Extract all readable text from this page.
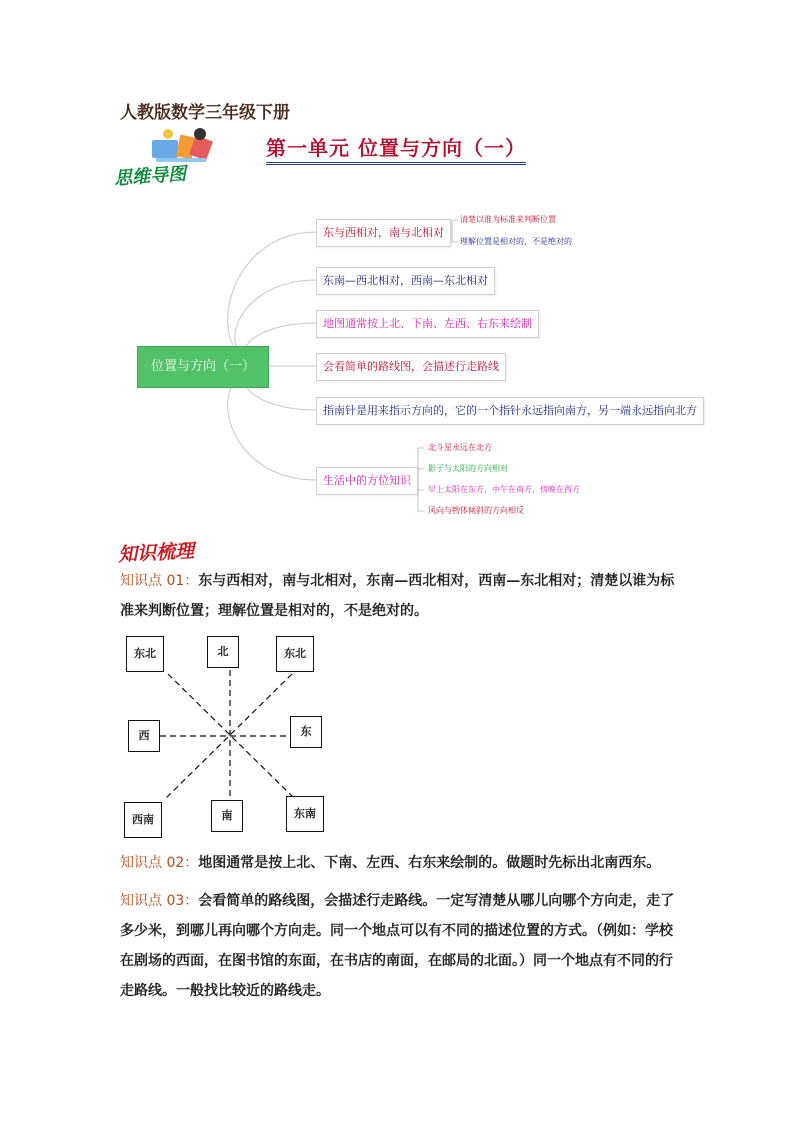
人教版数学三年级下册
第一单元 位置与方向（一）
思维导图
位置与方向（一）
东与西相对，南与北相对
清楚以谁为标准来判断位置
理解位置是相对的，不是绝对的
东南—西北相对，西南—东北相对
地图通常按上北、下南、左西、右东来绘制
会看简单的路线图，会描述行走路线
指南针是用来指示方向的，它的一个指针永远指向南方，另一端永远指向北方
生活中的方位知识
北斗星永远在北方
影子与太阳的方向相对
早上太阳在东方，中午在南方，傍晚在西方
风向与物体倾斜的方向相反
知识梳理
知识点 01：东与西相对，南与北相对，东南—西北相对，西南—东北相对；清楚以谁为标准来判断位置；理解位置是相对的，不是绝对的。
东北	北	东北
西	东
西南	南	东南
知识点 02：地图通常是按上北、下南、左西、右东来绘制的。做题时先标出北南西东。
知识点 03：会看简单的路线图，会描述行走路线。一定写清楚从哪儿向哪个方向走，走了多少米，到哪儿再向哪个方向走。同一个地点可以有不同的描述位置的方式。（例如：学校在剧场的西面，在图书馆的东面，在书店的南面，在邮局的北面。）同一个地点有不同的行走路线。一般找比较近的路线走。
